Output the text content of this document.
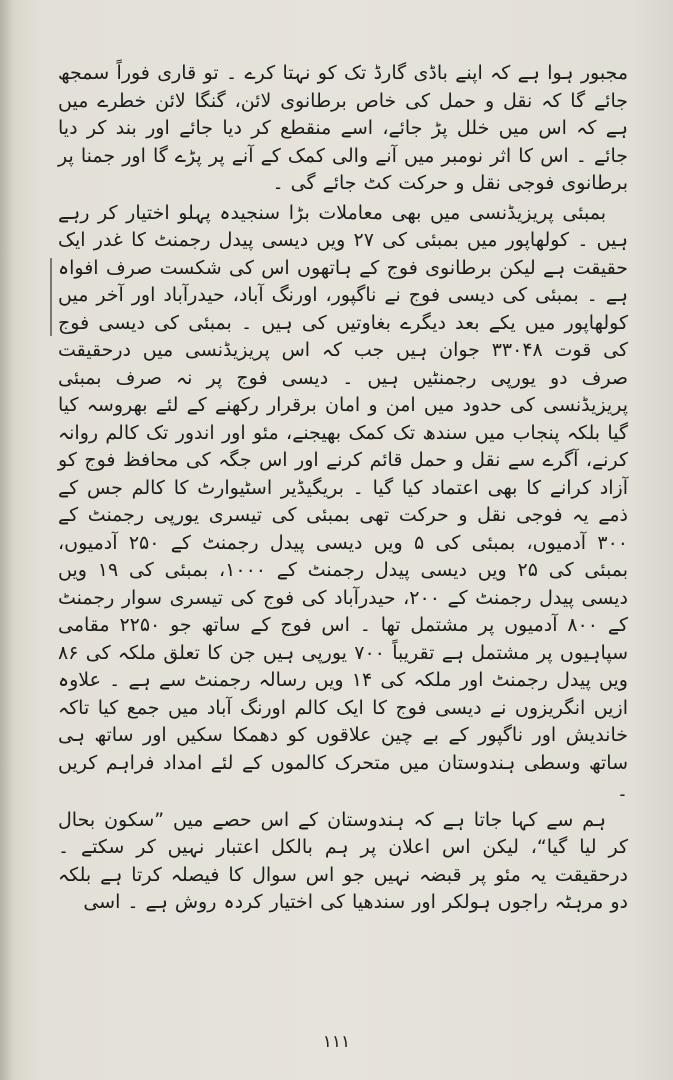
مجبور ہوا ہے کہ اپنے باڈی گارڈ تک کو نہتا کرے ۔ تو قاری فوراً سمجھ جائے گا کہ نقل و حمل کی خاص برطانوی لائن، گنگا لائن خطرے میں ہے کہ اس میں خلل پڑ جائے، اسے منقطع کر دیا جائے اور بند کر دیا جائے ۔ اس کا اثر نومبر میں آنے والی کمک کے آنے پر پڑے گا اور جمنا پر برطانوی فوجی نقل و حرکت کٹ جائے گی ۔

بمبئی پریزیڈنسی میں بھی معاملات بڑا سنجیدہ پہلو اختیار کر رہے ہیں ۔ کولھاپور میں بمبئی کی ۲۷ ویں دیسی پیدل رجمنٹ کا غدر ایک حقیقت ہے لیکن برطانوی فوج کے ہاتھوں اس کی شکست صرف افواہ ہے ۔ بمبئی کی دیسی فوج نے ناگپور، اورنگ آباد، حیدرآباد اور آخر میں کولھاپور میں یکے بعد دیگرے بغاوتیں کی ہیں ۔ بمبئی کی دیسی فوج کی قوت ۳۳۰۴۸ جوان ہیں جب کہ اس پریزیڈنسی میں درحقیقت صرف دو یورپی رجمنٹیں ہیں ۔ دیسی فوج پر نہ صرف بمبئی پریزیڈنسی کی حدود میں امن و امان برقرار رکھنے کے لئے بھروسہ کیا گیا بلکہ پنجاب میں سندھ تک کمک بھیجنے، مئو اور اندور تک کالم روانہ کرنے، آگرے سے نقل و حمل قائم کرنے اور اس جگہ کی محافظ فوج کو آزاد کرانے کا بھی اعتماد کیا گیا ۔ بریگیڈیر اسٹیوارٹ کا کالم جس کے ذمے یہ فوجی نقل و حرکت تھی بمبئی کی تیسری یورپی رجمنٹ کے ۳۰۰ آدمیوں، بمبئی کی ۵ ویں دیسی پیدل رجمنٹ کے ۲۵۰ آدمیوں، بمبئی کی ۲۵ ویں دیسی پیدل رجمنٹ کے ۱۰۰۰، بمبئی کی ۱۹ ویں دیسی پیدل رجمنٹ کے ۲۰۰، حیدرآباد کی فوج کی تیسری سوار رجمنٹ کے ۸۰۰ آدمیوں پر مشتمل تھا ۔ اس فوج کے ساتھ جو ۲۲۵۰ مقامی سپاہیوں پر مشتمل ہے تقریباً ۷۰۰ یورپی ہیں جن کا تعلق ملکہ کی ۸۶ ویں پیدل رجمنٹ اور ملکہ کی ۱۴ ویں رسالہ رجمنٹ سے ہے ۔ علاوہ ازیں انگریزوں نے دیسی فوج کا ایک کالم اورنگ آباد میں جمع کیا تاکہ خاندیش اور ناگپور کے بے چین علاقوں کو دھمکا سکیں اور ساتھ ہی ساتھ وسطی ہندوستان میں متحرک کالموں کے لئے امداد فراہم کریں ۔

ہم سے کہا جاتا ہے کہ ہندوستان کے اس حصے میں ”سکون بحال کر لیا گیا“، لیکن اس اعلان پر ہم بالکل اعتبار نہیں کر سکتے ۔ درحقیقت یہ مئو پر قبضہ نہیں جو اس سوال کا فیصلہ کرتا ہے بلکہ دو مرہٹہ راجوں ہولکر اور سندھیا کی اختیار کردہ روش ہے ۔ اسی

۱۱۱
